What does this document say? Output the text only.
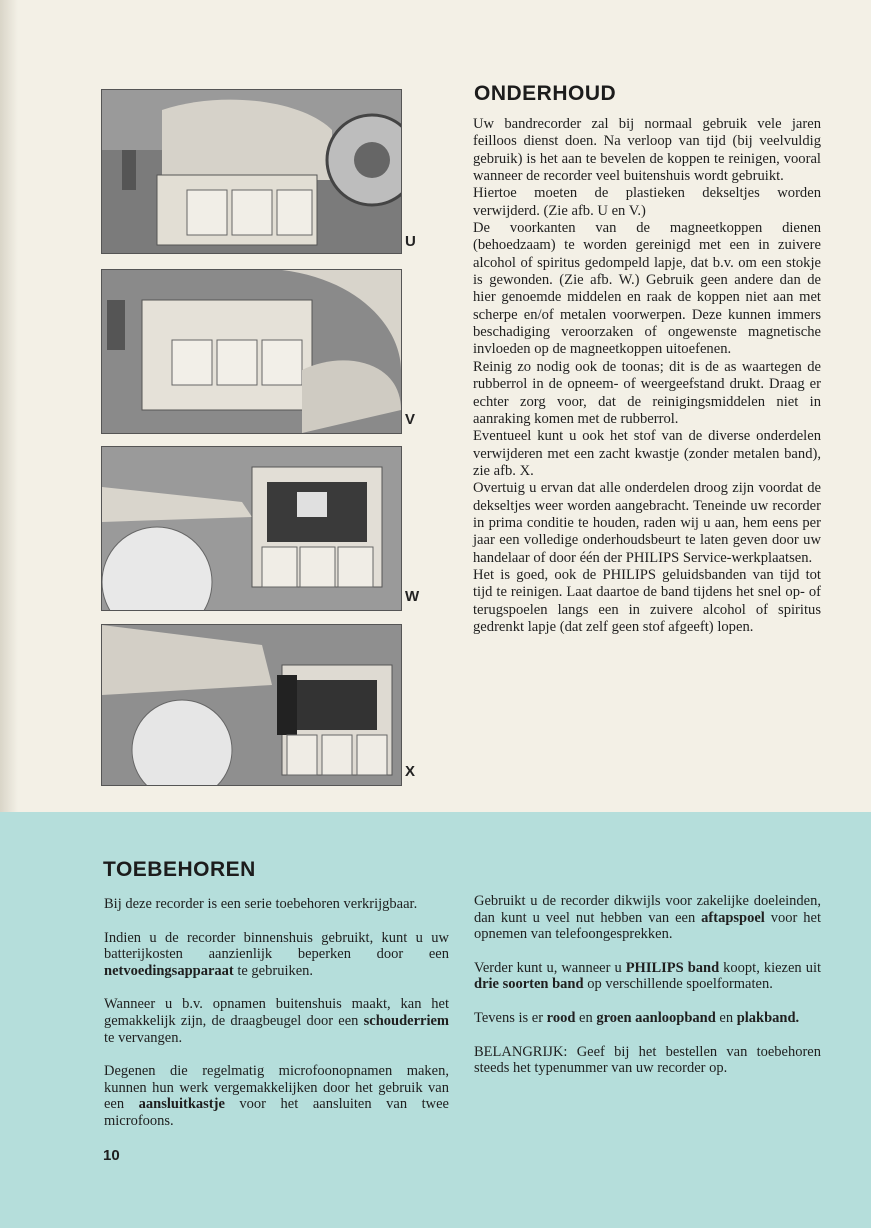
U
V
W
X
ONDERHOUD

Uw bandrecorder zal bij normaal gebruik vele jaren feilloos dienst doen. Na verloop van tijd (bij veelvuldig gebruik) is het aan te bevelen de koppen te reinigen, vooral wanneer de recorder veel buitenshuis wordt gebruikt.

Hiertoe moeten de plastieken dekseltjes worden verwijderd. (Zie afb. U en V.)

De voorkanten van de magneetkoppen dienen (behoedzaam) te worden gereinigd met een in zuivere alcohol of spiritus gedompeld lapje, dat b.v. om een stokje is gewonden. (Zie afb. W.) Gebruik geen andere dan de hier genoemde middelen en raak de koppen niet aan met scherpe en/of metalen voorwerpen. Deze kunnen immers beschadiging veroorzaken of ongewenste magnetische invloeden op de magneetkoppen uitoefenen.

Reinig zo nodig ook de toonas; dit is de as waartegen de rubberrol in de opneem- of weergeefstand drukt. Draag er echter zorg voor, dat de reinigingsmiddelen niet in aanraking komen met de rubberrol.

Eventueel kunt u ook het stof van de diverse onderdelen verwijderen met een zacht kwastje (zonder metalen band), zie afb. X.

Overtuig u ervan dat alle onderdelen droog zijn voordat de dekseltjes weer worden aangebracht. Teneinde uw recorder in prima conditie te houden, raden wij u aan, hem eens per jaar een volledige onderhoudsbeurt te laten geven door uw handelaar of door één der PHILIPS Service-werkplaatsen.

Het is goed, ook de PHILIPS geluidsbanden van tijd tot tijd te reinigen. Laat daartoe de band tijdens het snel op- of terugspoelen langs een in zuivere alcohol of spiritus gedrenkt lapje (dat zelf geen stof afgeeft) lopen.

TOEBEHOREN

Bij deze recorder is een serie toebehoren verkrijgbaar.

Indien u de recorder binnenshuis gebruikt, kunt u uw batterijkosten aanzienlijk beperken door een netvoedingsapparaat te gebruiken.

Wanneer u b.v. opnamen buitenshuis maakt, kan het gemakkelijk zijn, de draagbeugel door een schouderriem te vervangen.

Degenen die regelmatig microfoonopnamen maken, kunnen hun werk vergemakkelijken door het gebruik van een aansluitkastje voor het aansluiten van twee microfoons.

Gebruikt u de recorder dikwijls voor zakelijke doeleinden, dan kunt u veel nut hebben van een aftapspoel voor het opnemen van telefoongesprekken.

Verder kunt u, wanneer u PHILIPS band koopt, kiezen uit drie soorten band op verschillende spoelformaten.

Tevens is er rood en groen aanloopband en plakband.

BELANGRIJK: Geef bij het bestellen van toebehoren steeds het typenummer van uw recorder op.

10
